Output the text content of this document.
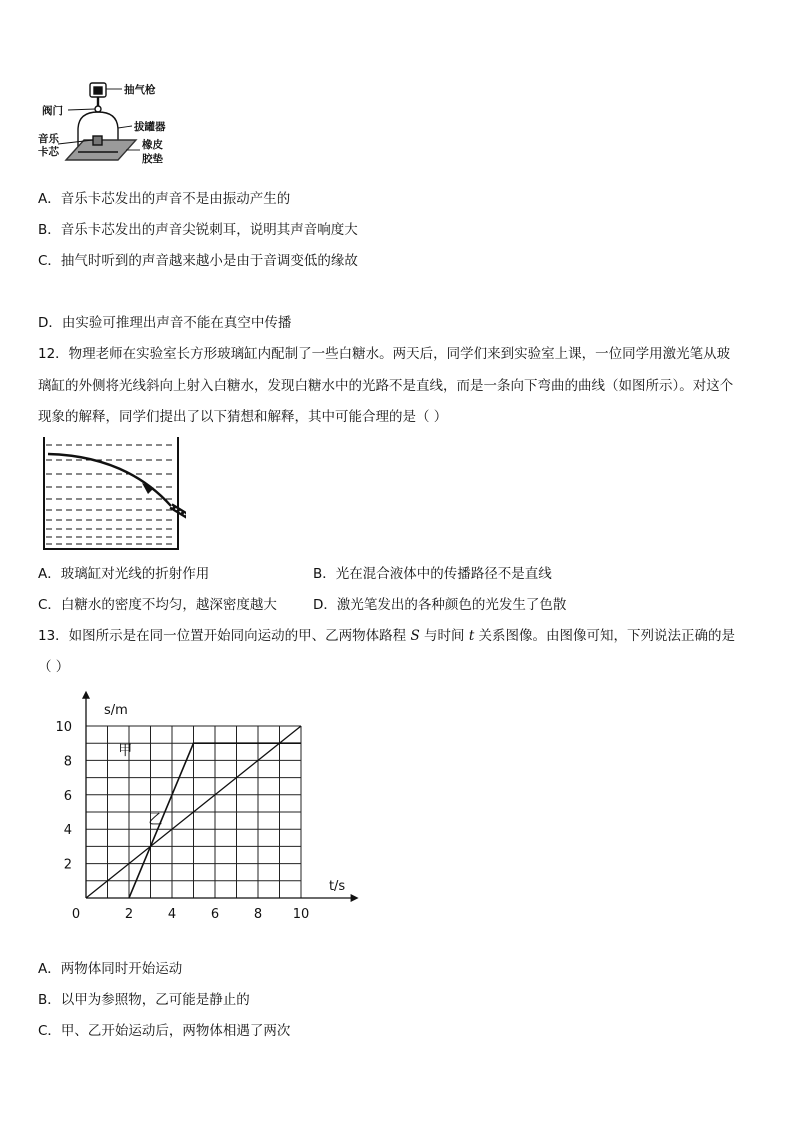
抽气枪
阀门
拔罐器
音乐
卡芯
橡皮
胶垫
A．音乐卡芯发出的声音不是由振动产生的
B．音乐卡芯发出的声音尖锐刺耳，说明其声音响度大
C．抽气时听到的声音越来越小是由于音调变低的缘故
D．由实验可推理出声音不能在真空中传播
12．物理老师在实验室长方形玻璃缸内配制了一些白糖水。两天后，同学们来到实验室上课，一位同学用激光笔从玻
璃缸的外侧将光线斜向上射入白糖水，发现白糖水中的光路不是直线，而是一条向下弯曲的曲线（如图所示）。对这个
现象的解释，同学们提出了以下猜想和解释，其中可能合理的是（ ）
A．玻璃缸对光线的折射作用	B．光在混合液体中的传播路径不是直线
C．白糖水的密度不均匀，越深密度越大	D．激光笔发出的各种颜色的光发生了色散
13．如图所示是在同一位置开始同向运动的甲、乙两物体路程 S 与时间 t 关系图像。由图像可知，下列说法正确的是
（ ）
s/m
t/s
0	2	4	6	8 10
2
4
6
8
10
甲
乙
A．两物体同时开始运动
B．以甲为参照物，乙可能是静止的
C．甲、乙开始运动后，两物体相遇了两次
